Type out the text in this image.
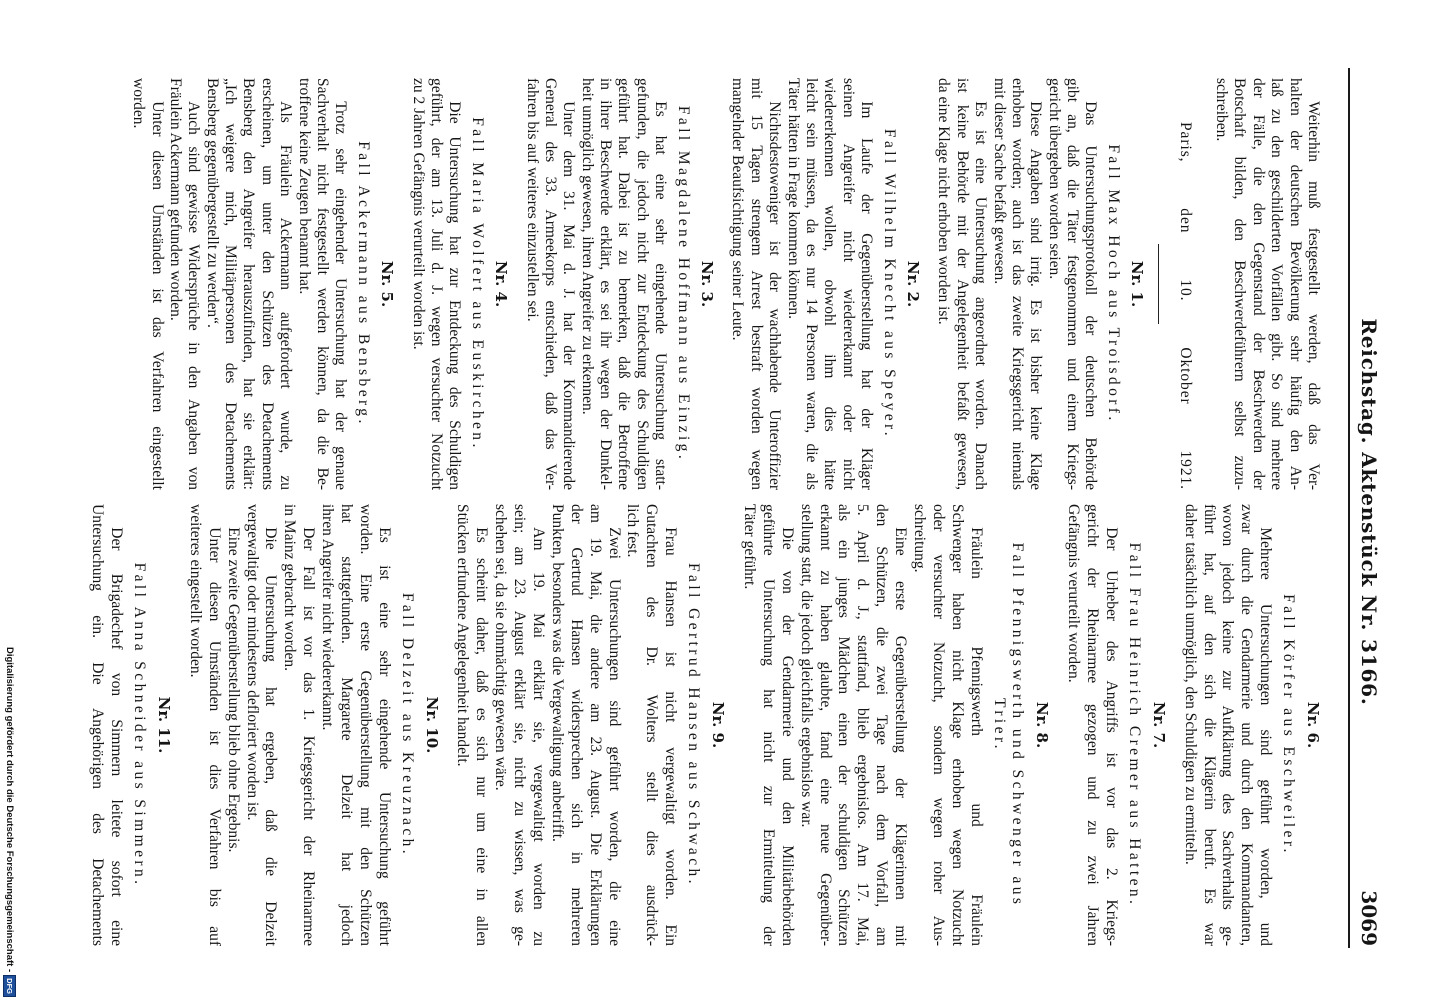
Reichstag. Aktenstück Nr. 3166.
3069
Weiterhin muß festgestellt werden, daß das Ver-
halten der deutschen Bevölkerung sehr häufig den An-
laß zu den geschilderten Vorfällen gibt. So sind mehrere
der Fälle, die den Gegenstand der Beschwerden der
Botschaft bilden, den Beschwerdeführern selbst zuzu-
schreiben.
Paris, den 10. Oktober 1921.
Nr. 1.
Fall Max Hoch aus Troisdorf.
Das Untersuchungsprotokoll der deutschen Behörde
gibt an, daß die Täter festgenommen und einem Kriegs-
gericht übergeben worden seien.
Diese Angaben sind irrig. Es ist bisher keine Klage
erhoben worden; auch ist das zweite Kriegsgericht niemals
mit dieser Sache befaßt gewesen.
Es ist eine Untersuchung angeordnet worden. Danach
ist keine Behörde mit der Angelegenheit befaßt gewesen,
da eine Klage nicht erhoben worden ist.
Nr. 2.
Fall Wilhelm Knecht aus Speyer.
Im Laufe der Gegenüberstellung hat der Kläger
seinen Angreifer nicht wiedererkannt oder nicht
wiedererkennen wollen, obwohl ihm dies hätte
leicht sein müssen, da es nur 14 Personen waren, die als
Täter hätten in Frage kommen können.
Nichtsdestoweniger ist der wachhabende Unteroffizier
mit 15 Tagen strengem Arrest bestraft worden wegen
mangelnder Beaufsichtigung seiner Leute.
Nr. 3.
Fall Magdalene Hoffmann aus Einzig.
Es hat eine sehr eingehende Untersuchung statt-
gefunden, die jedoch nicht zur Entdeckung des Schuldigen
geführt hat. Dabei ist zu bemerken, daß die Betroffene
in ihrer Beschwerde erklärt, es sei ihr wegen der Dunkel-
heit unmöglich gewesen, ihren Angreifer zu erkennen.
Unter dem 31. Mai d. J. hat der Kommandierende
General des 33. Armeekorps entschieden, daß das Ver-
fahren bis auf weiteres einzustellen sei.
Nr. 4.
Fall Maria Wolfert aus Euskirchen.
Die Untersuchung hat zur Entdeckung des Schuldigen
geführt, der am 13. Juli d. J. wegen versuchter Notzucht
zu 2 Jahren Gefängnis verurteilt worden ist.
Nr. 5.
Fall Ackermann aus Bensberg.
Trotz sehr eingehender Untersuchung hat der genaue
Sachverhalt nicht festgestellt werden können, da die Be-
troffene keine Zeugen benannt hat.
Als Fräulein Ackermann aufgefordert wurde, zu
erscheinen, um unter den Schützen des Detachements
Bensberg den Angreifer herauszufinden, hat sie erklärt:
„Ich weigere mich, Militärpersonen des Detachements
Bensberg gegenübergestellt zu werden“.
Auch sind gewisse Widersprüche in den Angaben von
Fräulein Ackermann gefunden worden.
Unter diesen Umständen ist das Verfahren eingestellt
worden.
Nr. 6.
Fall Körfer aus Eschweiler.
Mehrere Untersuchungen sind geführt worden, und
zwar durch die Gendarmerie und durch den Kommandanten,
wovon jedoch keine zur Aufklärung des Sachverhalts ge-
führt hat, auf den sich die Klägerin beruft. Es war
daher tatsächlich unmöglich, den Schuldigen zu ermitteln.
Nr. 7.
Fall Frau Heinrich Cremer aus Hatten.
Der Urheber des Angriffs ist vor das 2. Kriegs-
gericht der Rheinarmee gezogen und zu zwei Jahren
Gefängnis verurteilt worden.
Nr. 8.
Fall Pfennigswerth und Schwenger aus
Trier.
Fräulein Pfennigswerth und Fräulein
Schwenger haben nicht Klage erhoben wegen Notzucht
oder versuchter Notzucht, sondern wegen roher Aus-
schreitung.
Eine erste Gegenüberstellung der Klägerinnen mit
den Schützen, die zwei Tage nach dem Vorfall, am
5. April d. J., stattfand, blieb ergebnislos. Am 17. Mai,
als ein junges Mädchen einen der schuldigen Schützen
erkannt zu haben glaubte, fand eine neue Gegenüber-
stellung statt, die jedoch gleichfalls ergebnislos war.
Die von der Gendarmerie und den Militärbehörden
geführte Untersuchung hat nicht zur Ermittelung der
Täter geführt.
Nr. 9.
Fall Gertrud Hansen aus Schwach.
Frau Hansen ist nicht vergewaltigt worden. Ein
Gutachten des Dr. Wolters stellt dies ausdrück-
lich fest.
Zwei Untersuchungen sind geführt worden, die eine
am 19. Mai, die andere am 23. August. Die Erklärungen
der Gertrud Hansen widersprechen sich in mehreren
Punkten, besonders was die Vergewaltigung anbetrifft.
Am 19. Mai erklärt sie, vergewaltigt worden zu
sein; am 23. August erklärt sie, nicht zu wissen, was ge-
schehen sei, da sie ohnmächtig gewesen wäre.
Es scheint daher, daß es sich nur um eine in allen
Stücken erfundene Angelegenheit handelt.
Nr. 10.
Fall Delzeit aus Kreuznach.
Es ist eine sehr eingehende Untersuchung geführt
worden. Eine erste Gegenüberstellung mit den Schützen
hat stattgefunden. Margarete Delzeit hat jedoch
ihren Angreifer nicht wiedererkannt.
Der Fall ist vor das 1. Kriegsgericht der Rheinarmee
in Mainz gebracht worden.
Die Untersuchung hat ergeben, daß die Delzeit
vergewaltigt oder mindestens defloriert worden ist.
Eine zweite Gegenüberstellung blieb ohne Ergebnis.
Unter diesen Umständen ist dies Verfahren bis auf
weiteres eingestellt worden.
Nr. 11.
Fall Anna Schneider aus Simmern.
Der Brigadechef von Simmern leitete sofort eine
Untersuchung ein. Die Angehörigen des Detachements
Digitalisierung gefördert durch die Deutsche Forschungsgemeinschaft -DFG
